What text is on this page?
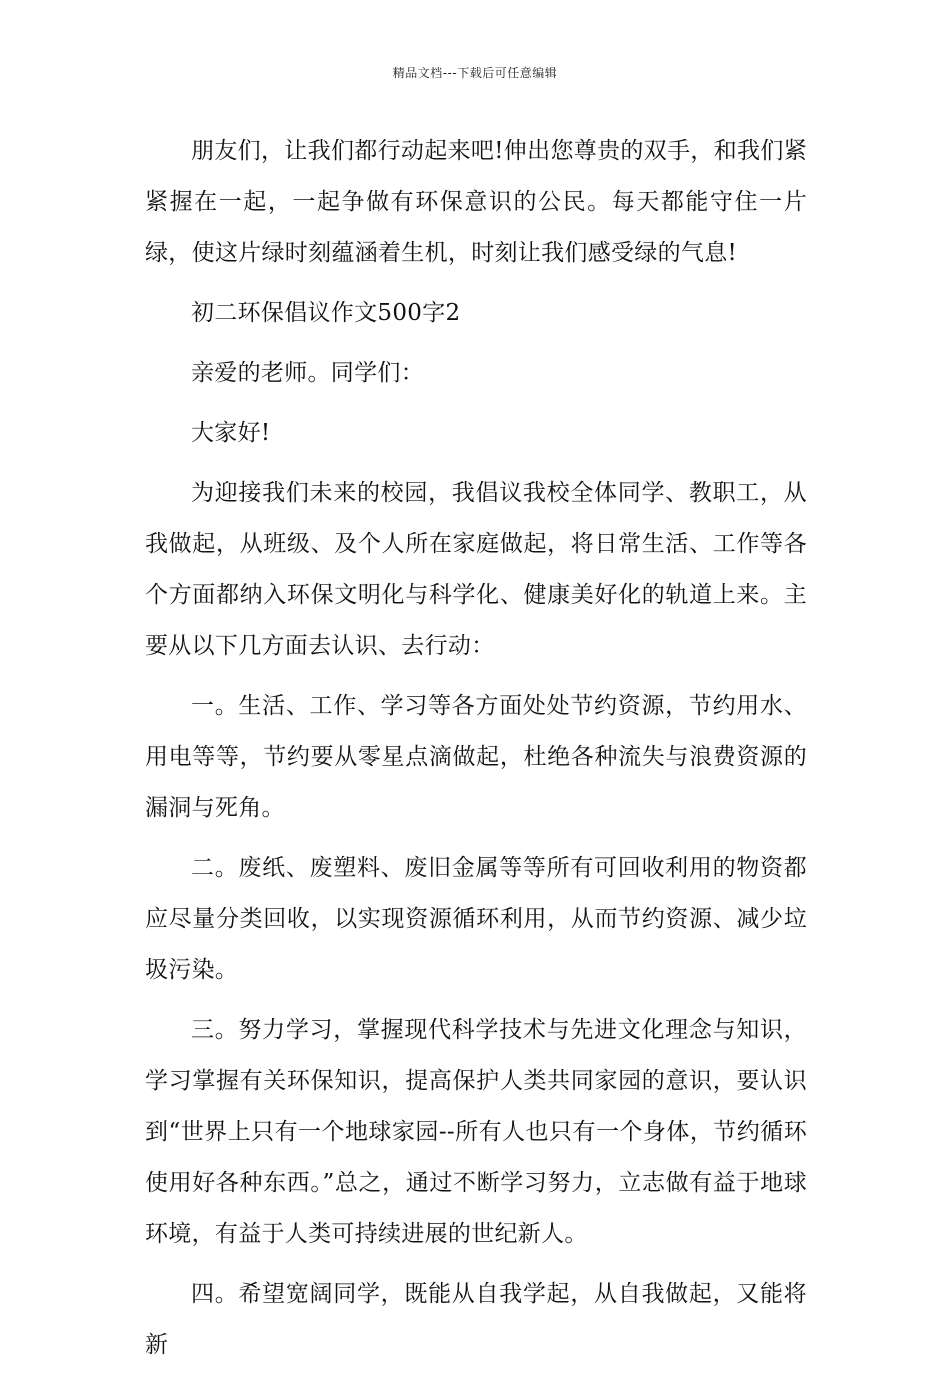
精品文档---下载后可任意编辑

朋友们，让我们都行动起来吧!伸出您尊贵的双手，和我们紧紧握在一起，一起争做有环保意识的公民。每天都能守住一片绿，使这片绿时刻蕴涵着生机，时刻让我们感受绿的气息!

初二环保倡议作文500字2

亲爱的老师。同学们：

大家好!

为迎接我们未来的校园，我倡议我校全体同学、教职工，从我做起，从班级、及个人所在家庭做起，将日常生活、工作等各个方面都纳入环保文明化与科学化、健康美好化的轨道上来。主要从以下几方面去认识、去行动：

一。生活、工作、学习等各方面处处节约资源，节约用水、用电等等，节约要从零星点滴做起，杜绝各种流失与浪费资源的漏洞与死角。

二。废纸、废塑料、废旧金属等等所有可回收利用的物资都应尽量分类回收，以实现资源循环利用，从而节约资源、减少垃圾污染。

三。努力学习，掌握现代科学技术与先进文化理念与知识，学习掌握有关环保知识，提高保护人类共同家园的意识，要认识到“世界上只有一个地球家园--所有人也只有一个身体，节约循环使用好各种东西。”总之，通过不断学习努力，立志做有益于地球环境，有益于人类可持续进展的世纪新人。

四。希望宽阔同学，既能从自我学起，从自我做起，又能将新
